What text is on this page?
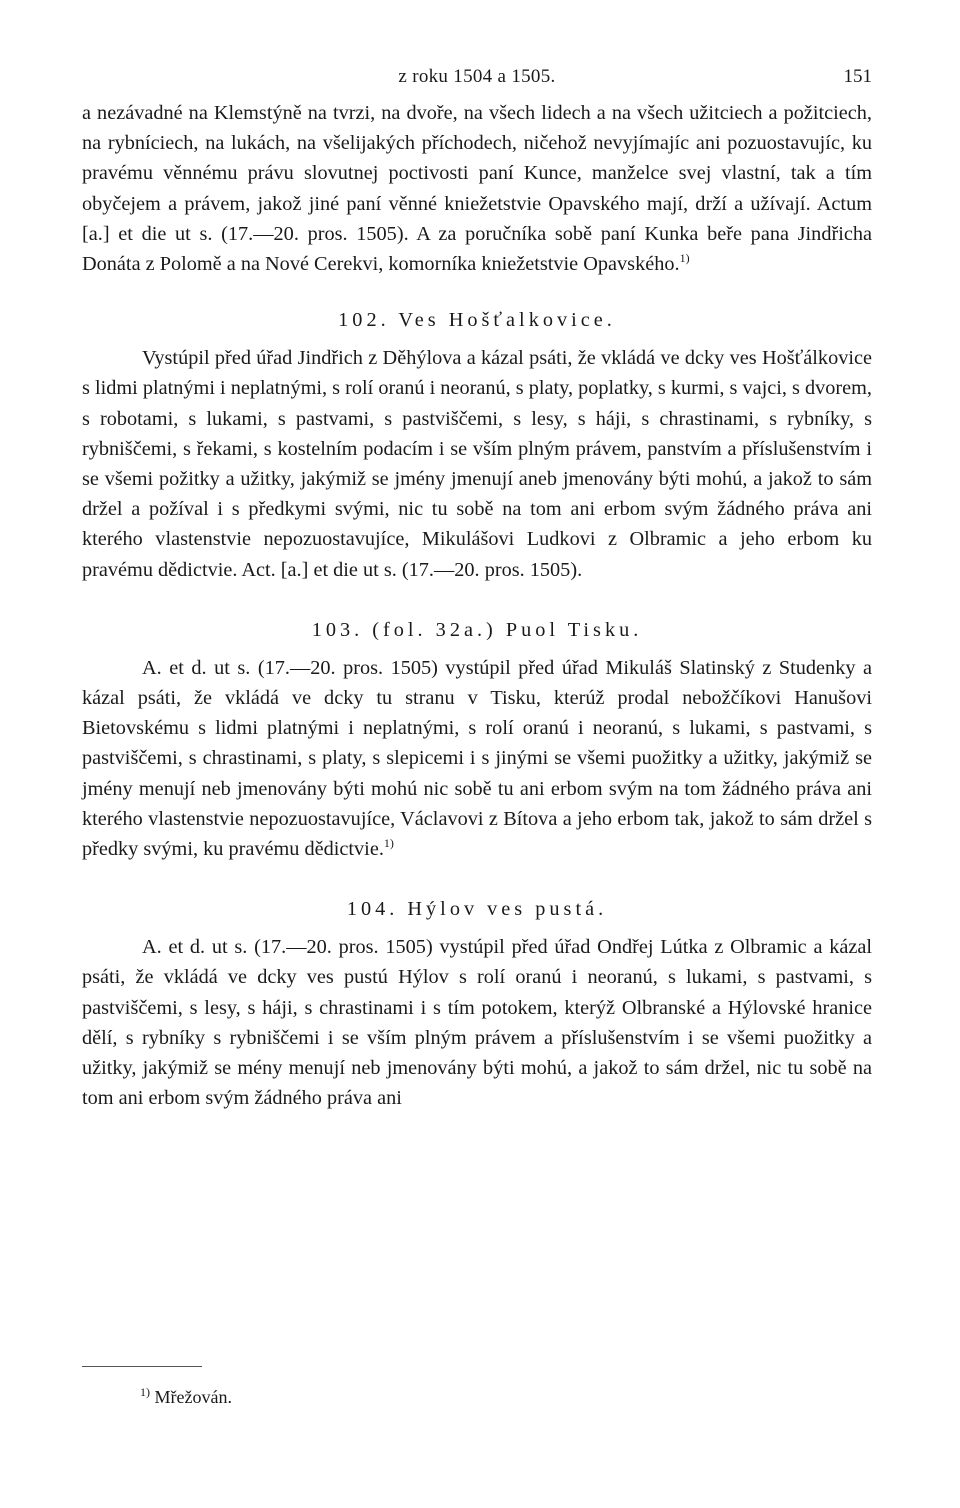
z roku 1504 a 1505.	151

a nezávadné na Klemstýně na tvrzi, na dvoře, na všech lidech a na všech užitciech a požitciech, na rybníciech, na lukách, na všelijakých příchodech, ničehož nevyjímajíc ani pozuostavujíc, ku pravému věnnému právu slovutnej poctivosti paní Kunce, manželce svej vlastní, tak a tím obyčejem a právem, jakož jiné paní věnné kniežetstvie Opavského mají, drží a užívají. Actum [a.] et die ut s. (17.—20. pros. 1505). A za poručníka sobě paní Kunka beře pana Jindřicha Donáta z Polomě a na Nové Cerekvi, komorníka kniežetstvie Opavského.$^{1)}$

102. Ves Hošťalkovice.

Vystúpil před úřad Jindřich z Děhýlova a kázal psáti, že vkládá ve dcky ves Hošťálkovice s lidmi platnými i neplatnými, s rolí oranú i neoranú, s platy, poplatky, s kurmi, s vajci, s dvorem, s robotami, s lukami, s pastvami, s pastviščemi, s lesy, s háji, s chrastinami, s rybníky, s rybniščemi, s řekami, s kostelním podacím i se vším plným právem, panstvím a příslušenstvím i se všemi požitky a užitky, jakýmiž se jmény jmenují aneb jmenovány býti mohú, a jakož to sám držel a požíval i s předkymi svými, nic tu sobě na tom ani erbom svým žádného práva ani kterého vlastenstvie nepozuostavujíce, Mikulášovi Ludkovi z Olbramic a jeho erbom ku pravému dědictvie. Act. [a.] et die ut s. (17.—20. pros. 1505).

103. (fol. 32a.) Puol Tisku.

A. et d. ut s. (17.—20. pros. 1505) vystúpil před úřad Mikuláš Slatinský z Studenky a kázal psáti, že vkládá ve dcky tu stranu v Tisku, kterúž prodal nebožčíkovi Hanušovi Bietovskému s lidmi platnými i neplatnými, s rolí oranú i neoranú, s lukami, s pastvami, s pastviščemi, s chrastinami, s platy, s slepicemi i s jinými se všemi puožitky a užitky, jakýmiž se jmény menují neb jmenovány býti mohú nic sobě tu ani erbom svým na tom žádného práva ani kterého vlastenstvie nepozuostavujíce, Václavovi z Bítova a jeho erbom tak, jakož to sám držel s předky svými, ku pravému dědictvie.$^{1)}$

104. Hýlov ves pustá.

A. et d. ut s. (17.—20. pros. 1505) vystúpil před úřad Ondřej Lútka z Olbramic a kázal psáti, že vkládá ve dcky ves pustú Hýlov s rolí oranú i neoranú, s lukami, s pastvami, s pastviščemi, s lesy, s háji, s chrastinami i s tím potokem, kterýž Olbranské a Hýlovské hranice dělí, s rybníky s rybniščemi i se vším plným právem a příslušenstvím i se všemi puožitky a užitky, jakýmiž se mény menují neb jmenovány býti mohú, a jakož to sám držel, nic tu sobě na tom ani erbom svým žádného práva ani

$^{1)}$ Mřežován.
